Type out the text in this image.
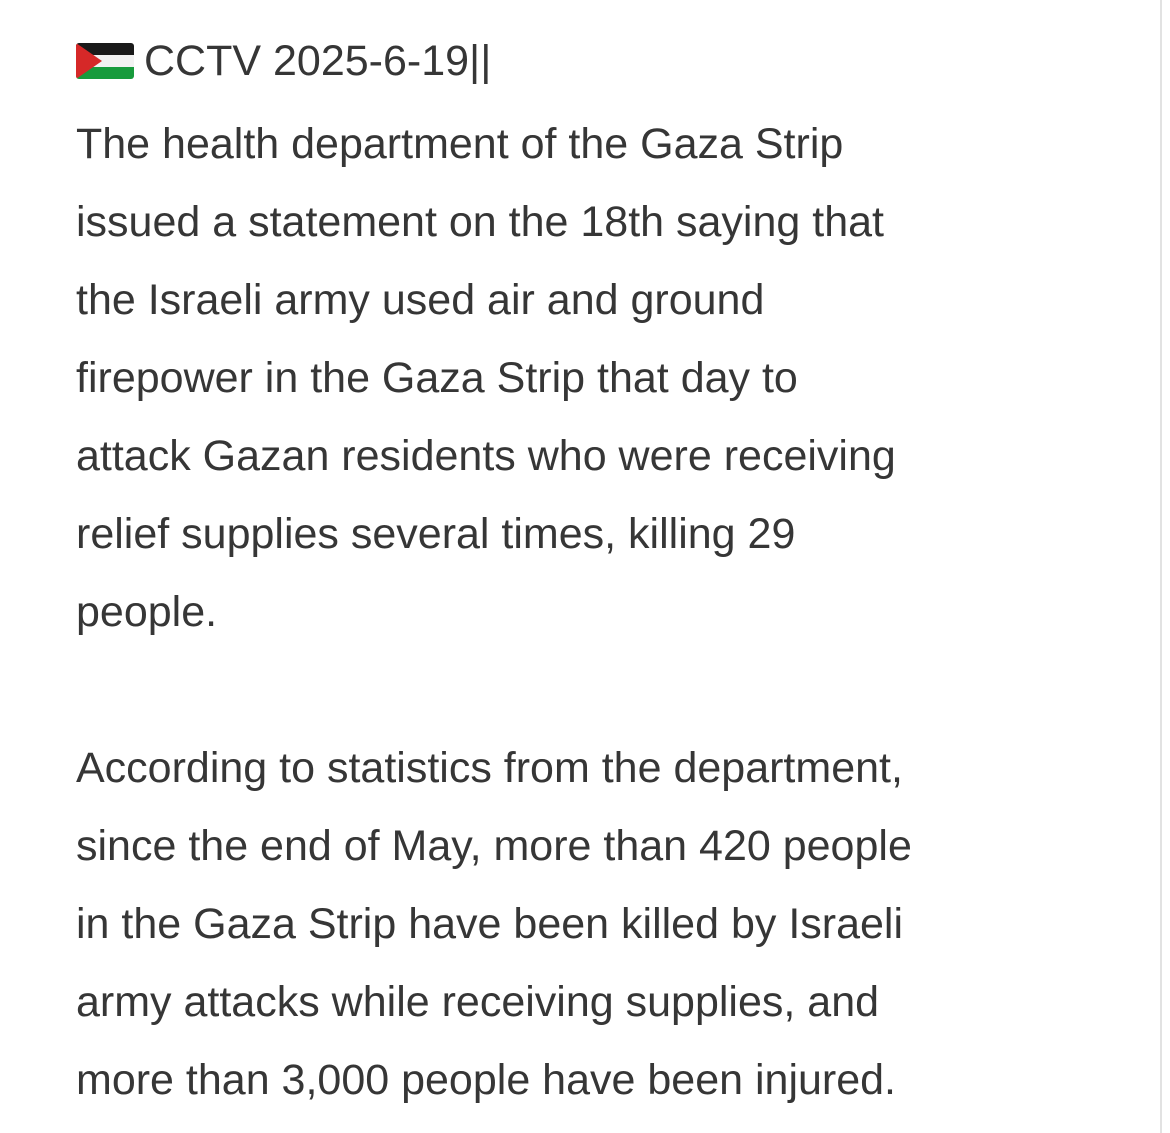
CCTV 2025-6-19||

The health department of the Gaza Strip
issued a statement on the 18th saying that
the Israeli army used air and ground
firepower in the Gaza Strip that day to
attack Gazan residents who were receiving
relief supplies several times, killing 29
people.

According to statistics from the department,
since the end of May, more than 420 people
in the Gaza Strip have been killed by Israeli
army attacks while receiving supplies, and
more than 3,000 people have been injured.
